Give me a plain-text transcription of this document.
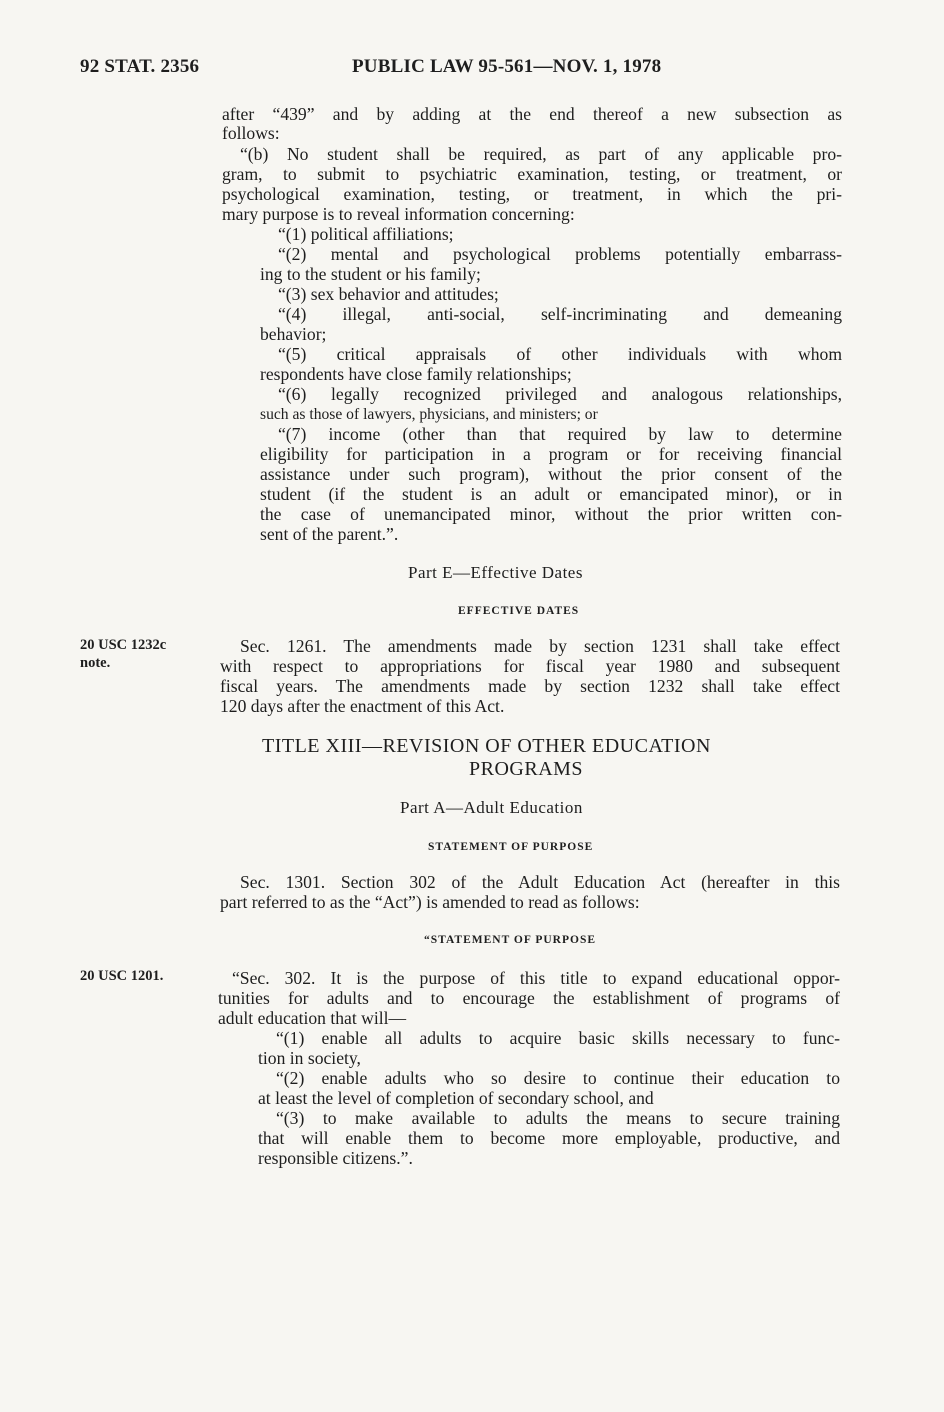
92 STAT. 2356	PUBLIC LAW 95-561—NOV. 1, 1978
after “439” and by adding at the end thereof a new subsection as
follows:
“(b) No student shall be required, as part of any applicable pro-
gram, to submit to psychiatric examination, testing, or treatment, or
psychological examination, testing, or treatment, in which the pri-
mary purpose is to reveal information concerning:
“(1) political affiliations;
“(2) mental and psychological problems potentially embarrass-
ing to the student or his family;
“(3) sex behavior and attitudes;
“(4) illegal, anti-social, self-incriminating and demeaning
behavior;
“(5) critical appraisals of other individuals with whom
respondents have close family relationships;
“(6) legally recognized privileged and analogous relationships,
such as those of lawyers, physicians, and ministers; or
“(7) income (other than that required by law to determine
eligibility for participation in a program or for receiving financial
assistance under such program), without the prior consent of the
student (if the student is an adult or emancipated minor), or in
the case of unemancipated minor, without the prior written con-
sent of the parent.”.
Part E—Effective Dates
EFFECTIVE DATES
20 USC 1232c
note.
Sec. 1261. The amendments made by section 1231 shall take effect
with respect to appropriations for fiscal year 1980 and subsequent
fiscal years. The amendments made by section 1232 shall take effect
120 days after the enactment of this Act.
TITLE XIII—REVISION OF OTHER EDUCATION
PROGRAMS
Part A—Adult Education
STATEMENT OF PURPOSE
Sec. 1301. Section 302 of the Adult Education Act (hereafter in this
part referred to as the “Act”) is amended to read as follows:
“STATEMENT OF PURPOSE
20 USC 1201.	“Sec. 302. It is the purpose of this title to expand educational oppor-
tunities for adults and to encourage the establishment of programs of
adult education that will—
“(1) enable all adults to acquire basic skills necessary to func-
tion in society,
“(2) enable adults who so desire to continue their education to
at least the level of completion of secondary school, and
“(3) to make available to adults the means to secure training
that will enable them to become more employable, productive, and
responsible citizens.”.
